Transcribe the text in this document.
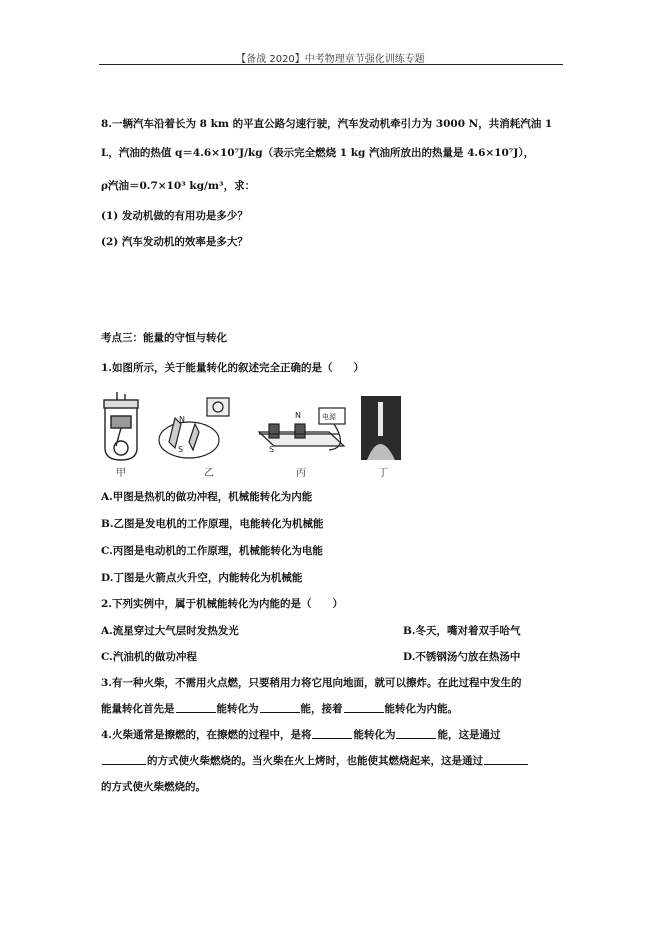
【备战 2020】中考物理章节强化训练专题
8.一辆汽车沿着长为 8 km 的平直公路匀速行驶，汽车发动机牵引力为 3000 N，共消耗汽油 1
L，汽油的热值 q＝4.6×10⁷J/kg（表示完全燃烧 1 kg 汽油所放出的热量是 4.6×10⁷J），
ρ汽油＝0.7×10³ kg/m³，求：
(1) 发动机做的有用功是多少？
(2) 汽车发动机的效率是多大？
考点三：能量的守恒与转化
1.如图所示，关于能量转化的叙述完全正确的是（　　）
N
S
N
S
电源
甲	乙	丙	丁
A.甲图是热机的做功冲程，机械能转化为内能
B.乙图是发电机的工作原理，电能转化为机械能
C.丙图是电动机的工作原理，机械能转化为电能
D.丁图是火箭点火升空，内能转化为机械能
2.下列实例中，属于机械能转化为内能的是（　　）
A.流星穿过大气层时发热发光	B.冬天，嘴对着双手哈气
C.汽油机的做功冲程	D.不锈钢汤勺放在热汤中
3.有一种火柴，不需用火点燃，只要稍用力将它甩向地面，就可以擦炸。在此过程中发生的
能量转化首先是	能转化为	能，接着	能转化为内能。
4.火柴通常是擦燃的，在擦燃的过程中，是将	能转化为	能，这是通过
的方式使火柴燃烧的。当火柴在火上烤时，也能使其燃烧起来，这是通过
的方式使火柴燃烧的。
